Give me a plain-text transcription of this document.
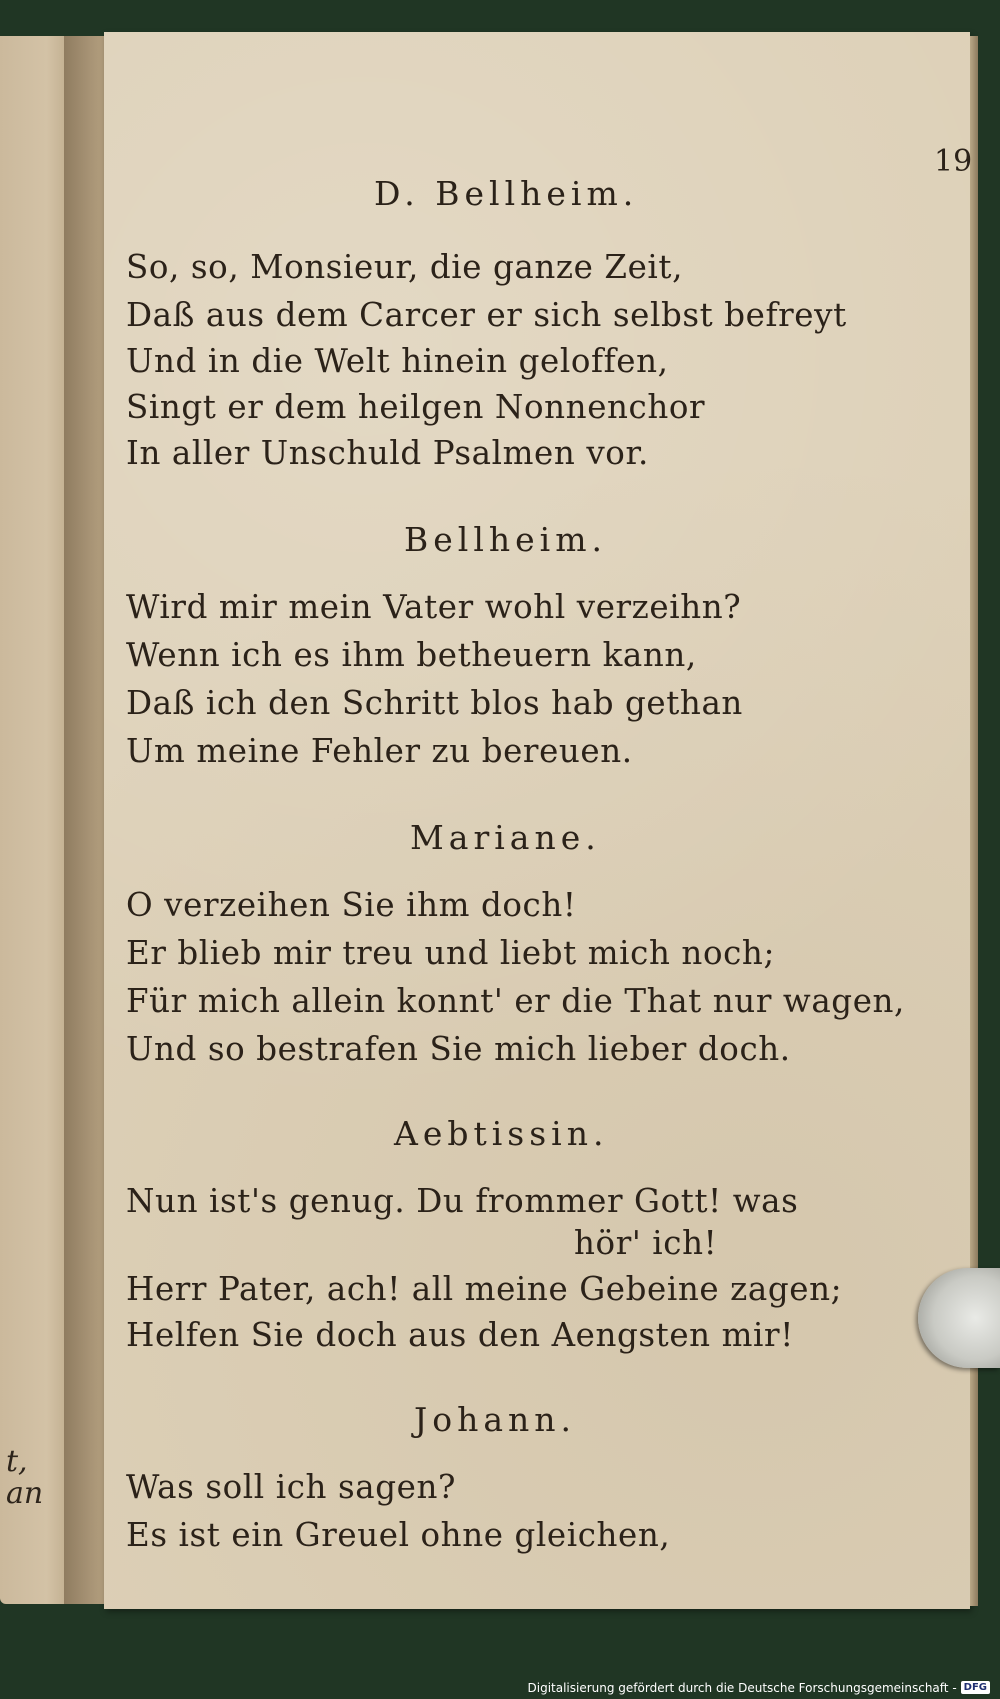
t,
an
19
D. Bellheim.
So, so, Monsieur, die ganze Zeit,
Daß aus dem Carcer er sich selbst befreyt
Und in die Welt hinein geloffen,
Singt er dem heilgen Nonnenchor
In aller Unschuld Psalmen vor.
Bellheim.
Wird mir mein Vater wohl verzeihn?
Wenn ich es ihm betheuern kann,
Daß ich den Schritt blos hab gethan
Um meine Fehler zu bereuen.
Mariane.
O verzeihen Sie ihm doch!
Er blieb mir treu und liebt mich noch;
Für mich allein konnt' er die That nur wagen,
Und so bestrafen Sie mich lieber doch.
Aebtissin.
Nun ist's genug. Du frommer Gott! was
hör' ich!
Herr Pater, ach! all meine Gebeine zagen;
Helfen Sie doch aus den Aengsten mir!
Johann.
Was soll ich sagen?
Es ist ein Greuel ohne gleichen,
Digitalisierung gefördert durch die Deutsche Forschungsgemeinschaft - DFG
